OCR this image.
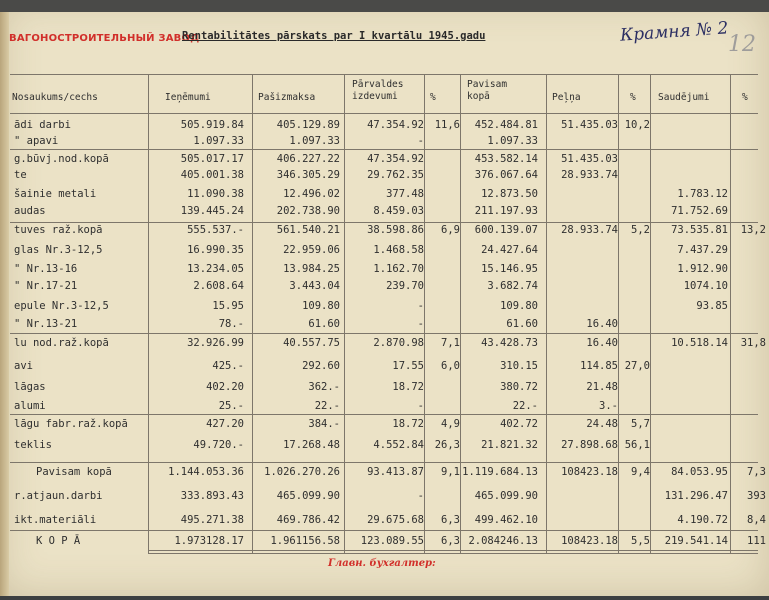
ВАГОНОСТРОИТЕЛЬНЫЙ ЗАВОД
Rentabilitātes pārskats par I kvartālu 1945.gadu	Крамня № 2
12
Nosaukums/cechs	Ieņēmumi	Pašizmaksa
Pārvaldes izdevumi	%
Pavisam kopā	Peļņa	% Saudējumi	%
ādi darbi	505.919.84	405.129.89	47.354.92	11,6	452.484.81	51.435.03 10,2
" apavi	1.097.33	1.097.33	-	1.097.33
g.būvj.nod.kopā	505.017.17	406.227.22	47.354.92	453.582.14	51.435.03
te	405.001.38	346.305.29	29.762.35	376.067.64	28.933.74
šainie metali	11.090.38	12.496.02	377.48	12.873.50	1.783.12
audas	139.445.24	202.738.90	8.459.03	211.197.93	71.752.69
tuves raž.kopā	555.537.-	561.540.21	38.598.86	6,9	600.139.07	28.933.74	5,2	73.535.81	13,2
glas Nr.3-12,5	16.990.35	22.959.06	1.468.58	24.427.64	7.437.29
" Nr.13-16	13.234.05	13.984.25	1.162.70	15.146.95	1.912.90
" Nr.17-21	2.608.64	3.443.04	239.70	3.682.74	1074.10
epule Nr.3-12,5	15.95	109.80	-	109.80	93.85
" Nr.13-21	78.-	61.60	-	61.60	16.40
lu nod.raž.kopā	32.926.99	40.557.75	2.870.98	7,1	43.428.73	16.40	10.518.14	31,8
avi	425.-	292.60	17.55	6,0	310.15	114.85 27,0
lāgas	402.20	362.-	18.72	380.72	21.48
alumi	25.-	22.-	-	22.-	3.-
lāgu fabr.raž.kopā	427.20	384.-	18.72	4,9	402.72	24.48	5,7
teklis	49.720.-	17.268.48	4.552.84	26,3	21.821.32	27.898.68 56,1
Pavisam kopā	1.144.053.36	1.026.270.26	93.413.87	9,1 1.119.684.13	108423.18	9,4	84.053.95	7,3
r.atjaun.darbi	333.893.43	465.099.90	-	465.099.90	131.296.47	393
ikt.materiāli	495.271.38	469.786.42	29.675.68	6,3	499.462.10	4.190.72	8,4
K O P Ā	1.973128.17	1.961156.58	123.089.55	6,3 2.084246.13	108423.18	5,5	219.541.14	111
Главн. бухгалтер:
